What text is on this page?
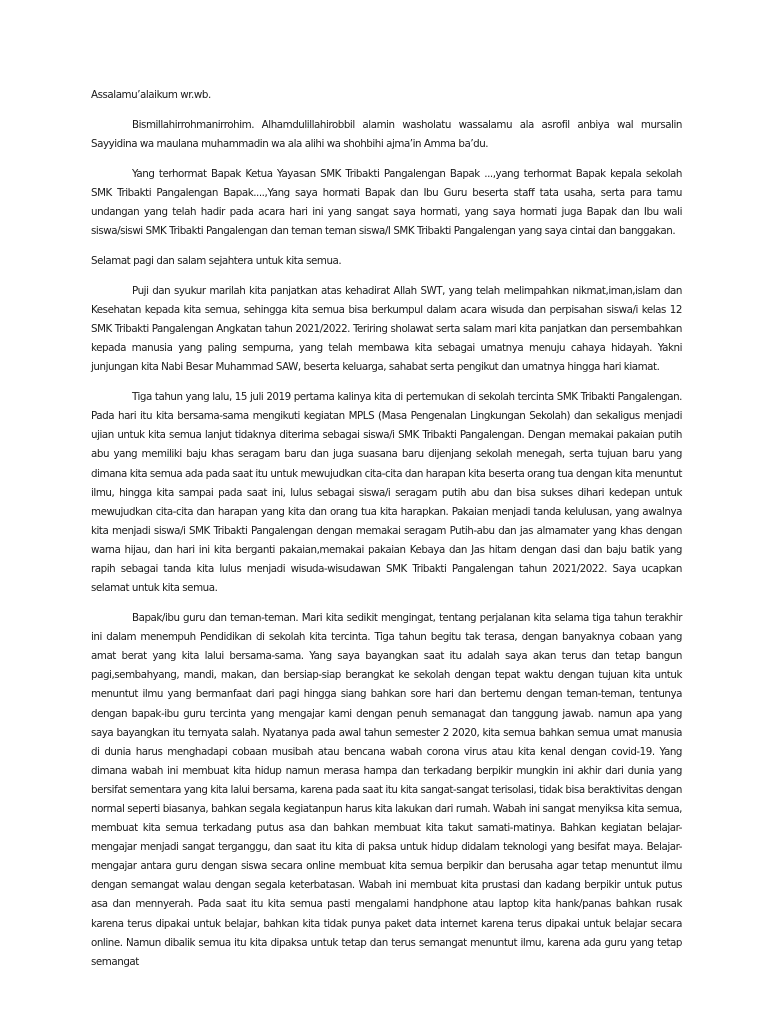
Assalamu’alaikum wr.wb.

Bismillahirrohmanirrohim. Alhamdulillahirobbil alamin washolatu wassalamu ala asrofil anbiya wal mursalin Sayyidina wa maulana muhammadin wa ala alihi wa shohbihi ajma’in Amma ba’du.

Yang terhormat Bapak Ketua Yayasan SMK Tribakti Pangalengan Bapak ...,yang terhormat Bapak kepala sekolah SMK Tribakti Pangalengan Bapak....,Yang saya hormati Bapak dan Ibu Guru beserta staff tata usaha, serta para tamu undangan yang telah hadir pada acara hari ini yang sangat saya hormati, yang saya hormati juga Bapak dan Ibu wali siswa/siswi SMK Tribakti Pangalengan dan teman teman siswa/I SMK Tribakti Pangalengan yang saya cintai dan banggakan.

Selamat pagi dan salam sejahtera untuk kita semua.

Puji dan syukur marilah kita panjatkan atas kehadirat Allah SWT, yang telah melimpahkan nikmat,iman,islam dan Kesehatan kepada kita semua, sehingga kita semua bisa berkumpul dalam acara wisuda dan perpisahan siswa/i kelas 12 SMK Tribakti Pangalengan Angkatan tahun 2021/2022. Teriring sholawat serta salam mari kita panjatkan dan persembahkan kepada manusia yang paling sempurna, yang telah membawa kita sebagai umatnya menuju cahaya hidayah. Yakni junjungan kita Nabi Besar Muhammad SAW, beserta keluarga, sahabat serta pengikut dan umatnya hingga hari kiamat.

Tiga tahun yang lalu, 15 juli 2019 pertama kalinya kita di pertemukan di sekolah tercinta SMK Tribakti Pangalengan. Pada hari itu kita bersama-sama mengikuti kegiatan MPLS (Masa Pengenalan Lingkungan Sekolah) dan sekaligus menjadi ujian untuk kita semua lanjut tidaknya diterima sebagai siswa/i SMK Tribakti Pangalengan. Dengan memakai pakaian putih abu yang memiliki baju khas seragam baru dan juga suasana baru dijenjang sekolah menegah, serta tujuan baru yang dimana kita semua ada pada saat itu untuk mewujudkan cita-cita dan harapan kita beserta orang tua dengan kita menuntut ilmu, hingga kita sampai pada saat ini, lulus sebagai siswa/i seragam putih abu dan bisa sukses dihari kedepan untuk mewujudkan cita-cita dan harapan yang kita dan orang tua kita harapkan. Pakaian menjadi tanda kelulusan, yang awalnya kita menjadi siswa/i SMK Tribakti Pangalengan dengan memakai seragam Putih-abu dan jas almamater yang khas dengan warna hijau, dan hari ini kita berganti pakaian,memakai pakaian Kebaya dan Jas hitam dengan dasi dan baju batik yang rapih sebagai tanda kita lulus menjadi wisuda-wisudawan SMK Tribakti Pangalengan tahun 2021/2022. Saya ucapkan selamat untuk kita semua.

Bapak/ibu guru dan teman-teman. Mari kita sedikit mengingat, tentang perjalanan kita selama tiga tahun terakhir ini dalam menempuh Pendidikan di sekolah kita tercinta. Tiga tahun begitu tak terasa, dengan banyaknya cobaan yang amat berat yang kita lalui bersama-sama. Yang saya bayangkan saat itu adalah saya akan terus dan tetap bangun pagi,sembahyang, mandi, makan, dan bersiap-siap berangkat ke sekolah dengan tepat waktu dengan tujuan kita untuk menuntut ilmu yang bermanfaat dari pagi hingga siang bahkan sore hari dan bertemu dengan teman-teman, tentunya dengan bapak-ibu guru tercinta yang mengajar kami dengan penuh semanagat dan tanggung jawab. namun apa yang saya bayangkan itu ternyata salah. Nyatanya pada awal tahun semester 2 2020, kita semua bahkan semua umat manusia di dunia harus menghadapi cobaan musibah atau bencana wabah corona virus atau kita kenal dengan covid-19. Yang dimana wabah ini membuat kita hidup namun merasa hampa dan terkadang berpikir mungkin ini akhir dari dunia yang bersifat sementara yang kita lalui bersama, karena pada saat itu kita sangat-sangat terisolasi, tidak bisa beraktivitas dengan normal seperti biasanya, bahkan segala kegiatanpun harus kita lakukan dari rumah. Wabah ini sangat menyiksa kita semua, membuat kita semua terkadang putus asa dan bahkan membuat kita takut samati-matinya. Bahkan kegiatan belajar-mengajar menjadi sangat terganggu, dan saat itu kita di paksa untuk hidup didalam teknologi yang besifat maya. Belajar-mengajar antara guru dengan siswa secara online membuat kita semua berpikir dan berusaha agar tetap menuntut ilmu dengan semangat walau dengan segala keterbatasan. Wabah ini membuat kita prustasi dan kadang berpikir untuk putus asa dan mennyerah. Pada saat itu kita semua pasti mengalami handphone atau laptop kita hank/panas bahkan rusak karena terus dipakai untuk belajar, bahkan kita tidak punya paket data internet karena terus dipakai untuk belajar secara online. Namun dibalik semua itu kita dipaksa untuk tetap dan terus semangat menuntut ilmu, karena ada guru yang tetap semangat
